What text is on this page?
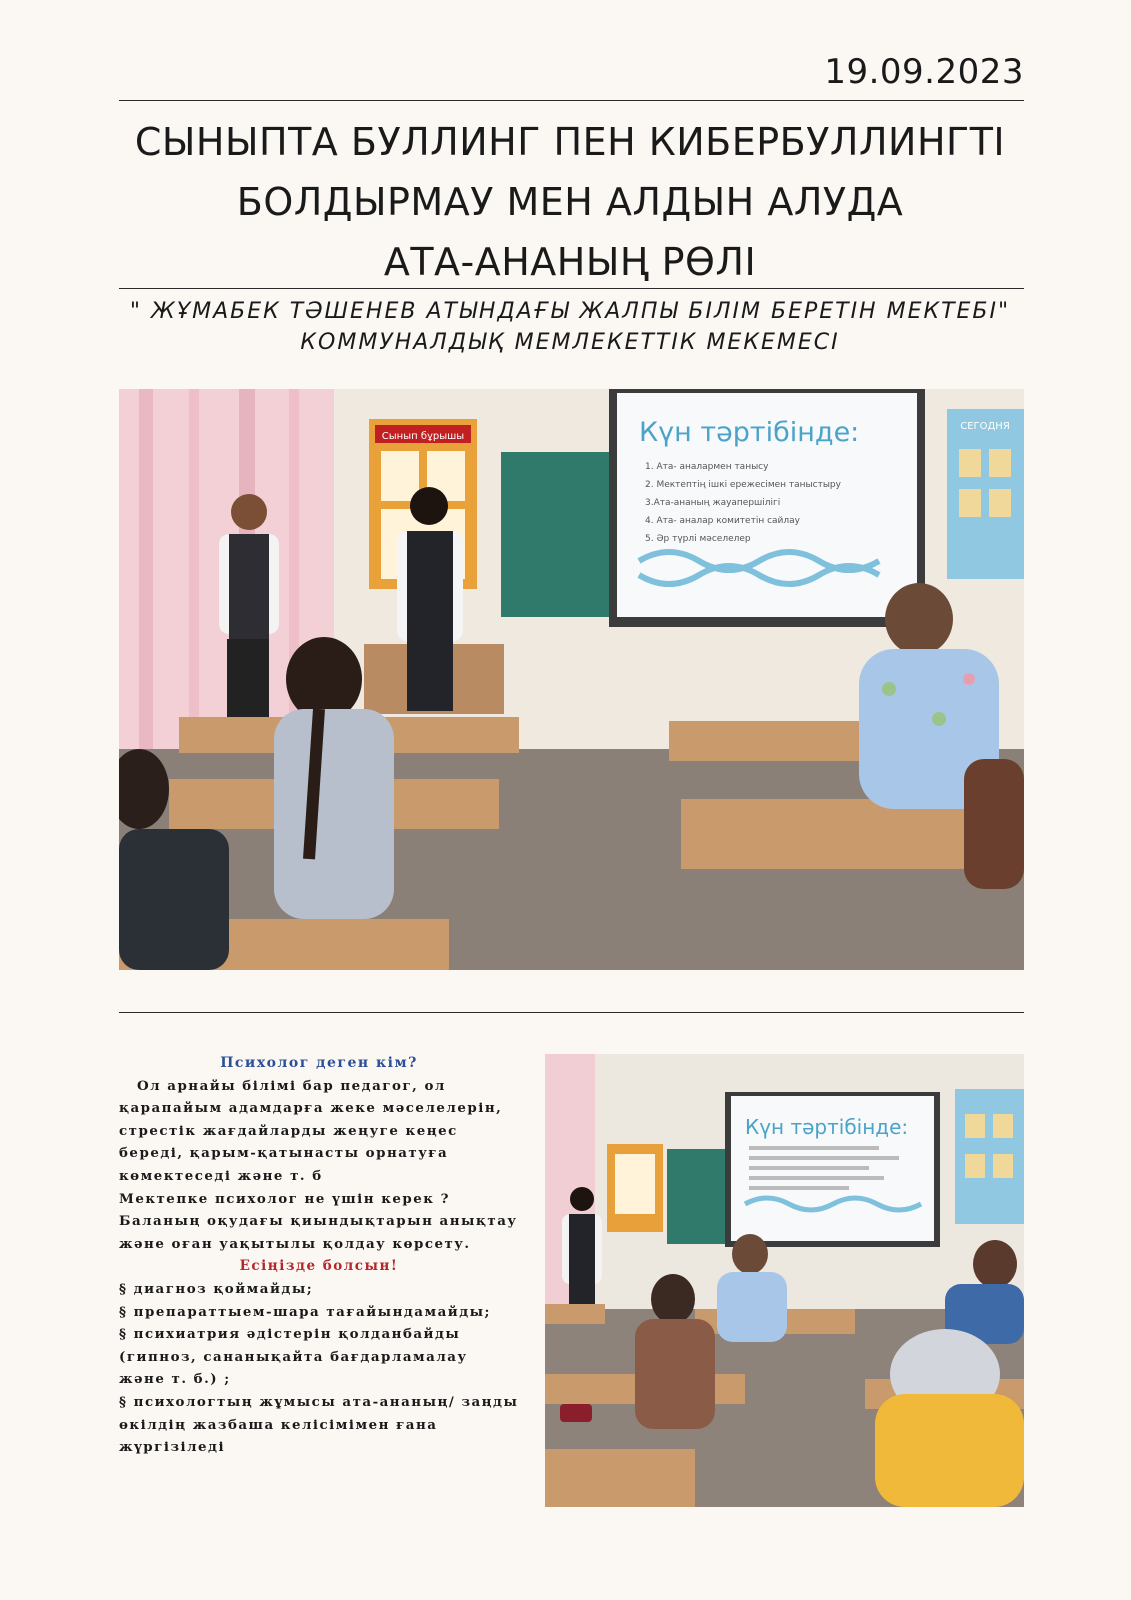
19.09.2023
СЫНЫПТА БУЛЛИНГ ПЕН КИБЕРБУЛЛИНГТІ
БОЛДЫРМАУ МЕН АЛДЫН АЛУДА
АТА-АНАНЫҢ РӨЛІ
" ЖҰМАБЕК ТӘШЕНЕВ АТЫНДАҒЫ ЖАЛПЫ БІЛІМ БЕРЕТІН МЕКТЕБІ"
КОММУНАЛДЫҚ МЕМЛЕКЕТТІК МЕКЕМЕСІ
Сынып бұрышы	Күн тәртібінде:
1. Ата- аналармен танысу
2. Мектептің ішкі ережесімен таныстыру
3.Ата-ананың жауапершілігі
4. Ата- аналар комитетін сайлау
5. Әр түрлі мәселелер
СЕГОДНЯ

Психолог деген кім?

Ол арнайы білімі бар педагог, ол қарапайым адамдарға жеке мәселелерін, стрестік жағдайларды жеңуге кеңес береді, қарым-қатынасты орнатуға көмектеседі және т. б

Мектепке психолог не үшін керек ?

Баланың оқудағы қиындықтарын анықтау және оған уақытылы қолдау көрсету.

Есіңізде болсын!

§ диагноз қоймайды;

§ препараттыем-шара тағайындамайды;

§ психиатрия әдістерін қолданбайды (гипноз, сананықайта бағдарламалау және т. б.) ;

§ психологтың жұмысы ата-ананың/ заңды өкілдің жазбаша келісімімен ғана жүргізіледі

Күн тәртібінде:
